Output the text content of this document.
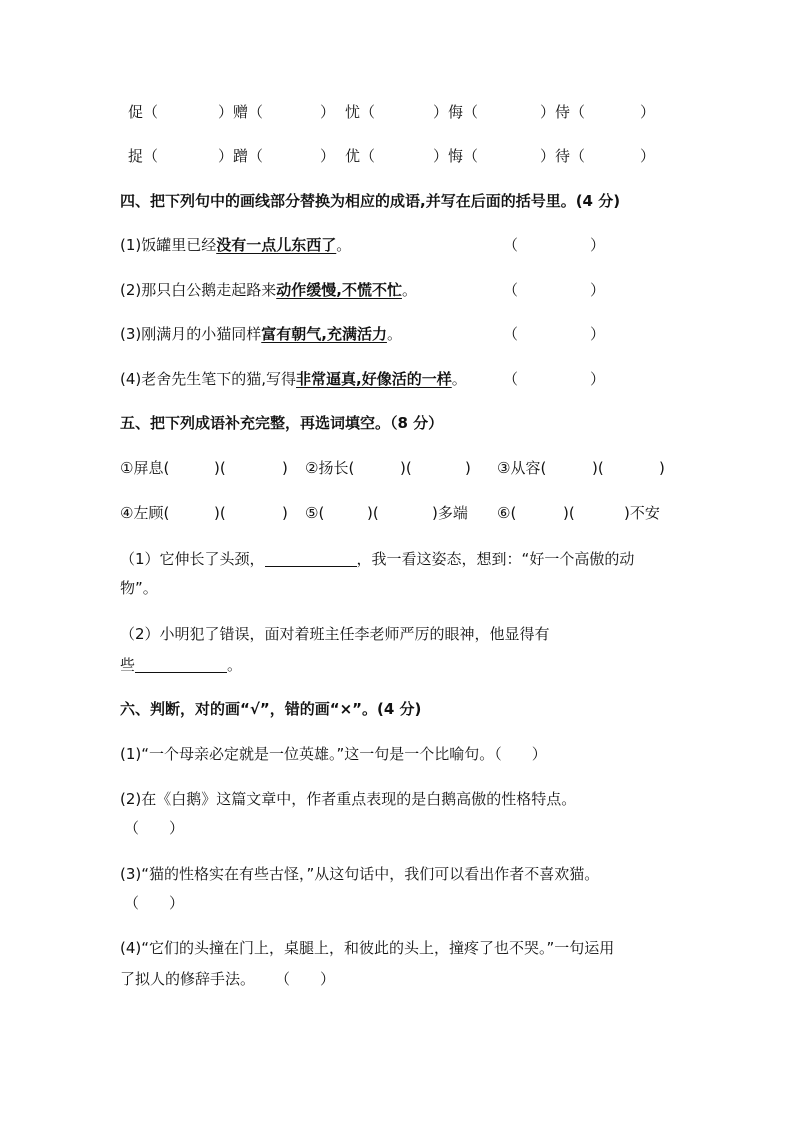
促（	）赠（	） 忧（	）侮（	）侍（	）
捉（	）蹭（	） 优（	）悔（	）待（	）
四、把下列句中的画线部分替换为相应的成语,并写在后面的括号里。(4 分)
(1)饭罐里已经没有一点儿东西了。	（	）
(2)那只白公鹅走起路来动作缓慢,不慌不忙。	（	）
(3)刚满月的小猫同样富有朝气,充满活力。	（	）
(4)老舍先生笔下的猫,写得非常逼真,好像活的一样。 （	）
五、把下列成语补充完整，再选词填空。（8 分）
①屏息(	)(	) ②扬长(	)(	) ③从容(	)(	)
④左顾(	)(	) ⑤(	)(	)多端 ⑥(	)(	)不安
（1）它伸长了头颈，	，我一看这姿态，想到：“好一个高傲的动
物”。
（2）小明犯了错误，面对着班主任李老师严厉的眼神，他显得有
些	。
六、判断，对的画“√”，错的画“×”。(4 分)
(1)“一个母亲必定就是一位英雄。”这一句是一个比喻句。（　　）
(2)在《白鹅》这篇文章中，作者重点表现的是白鹅高傲的性格特点。
（　　）
(3)“猫的性格实在有些古怪，”从这句话中，我们可以看出作者不喜欢猫。
（　　）
(4)“它们的头撞在门上，桌腿上，和彼此的头上，撞疼了也不哭。”一句运用
了拟人的修辞手法。 （　　）
